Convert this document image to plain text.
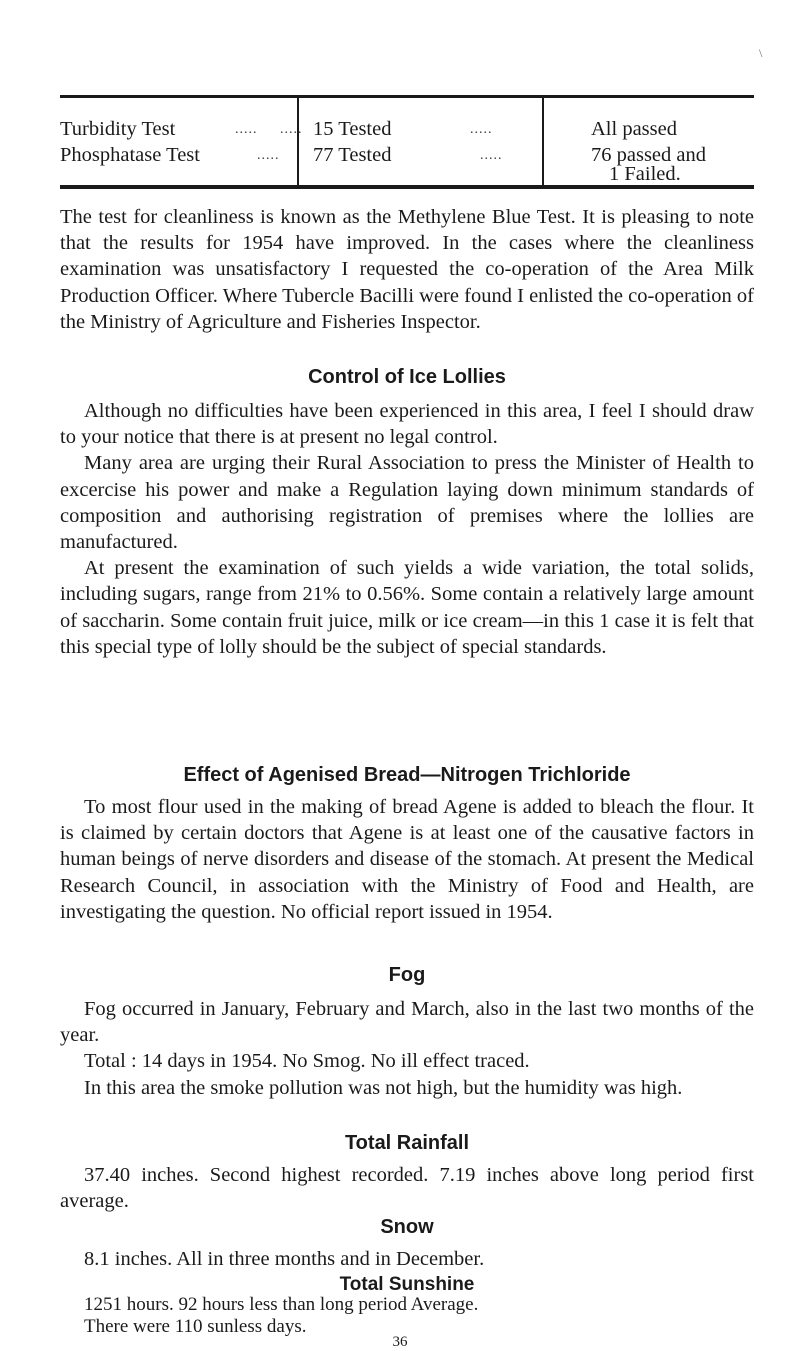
\
Turbidity Test	.....     ..... 15 Tested	.....	All passed
Phosphatase Test	..... 77 Tested	.....	76 passed and
1 Failed.

The test for cleanliness is known as the Methylene Blue Test. It is pleasing to note that the results for 1954 have improved. In the cases where the cleanliness examination was unsatisfactory I requested the co-operation of the Area Milk Production Officer. Where Tubercle Bacilli were found I enlisted the co-operation of the Ministry of Agriculture and Fisheries Inspector.

Control of Ice Lollies

Although no difficulties have been experienced in this area, I feel I should draw to your notice that there is at present no legal control.

Many area are urging their Rural Association to press the Minister of Health to excercise his power and make a Regulation laying down minimum standards of composition and authorising registration of premises where the lollies are manufactured.

At present the examination of such yields a wide variation, the total solids, including sugars, range from 21% to 0.56%. Some contain a relatively large amount of saccharin. Some contain fruit juice, milk or ice cream—in this 1 case it is felt that this special type of lolly should be the subject of special standards.

Effect of Agenised Bread—Nitrogen Trichloride

To most flour used in the making of bread Agene is added to bleach the flour. It is claimed by certain doctors that Agene is at least one of the causative factors in human beings of nerve disorders and disease of the stomach. At present the Medical Research Council, in association with the Ministry of Food and Health, are investigating the question. No official report issued in 1954.

Fog

Fog occurred in January, February and March, also in the last two months of the year.

Total : 14 days in 1954. No Smog. No ill effect traced.

In this area the smoke pollution was not high, but the humidity was high.

Total Rainfall

37.40 inches. Second highest recorded. 7.19 inches above long period first average.

Snow

8.1 inches. All in three months and in December.

Total Sunshine

1251 hours. 92 hours less than long period Average.

There were 110 sunless days.
36
